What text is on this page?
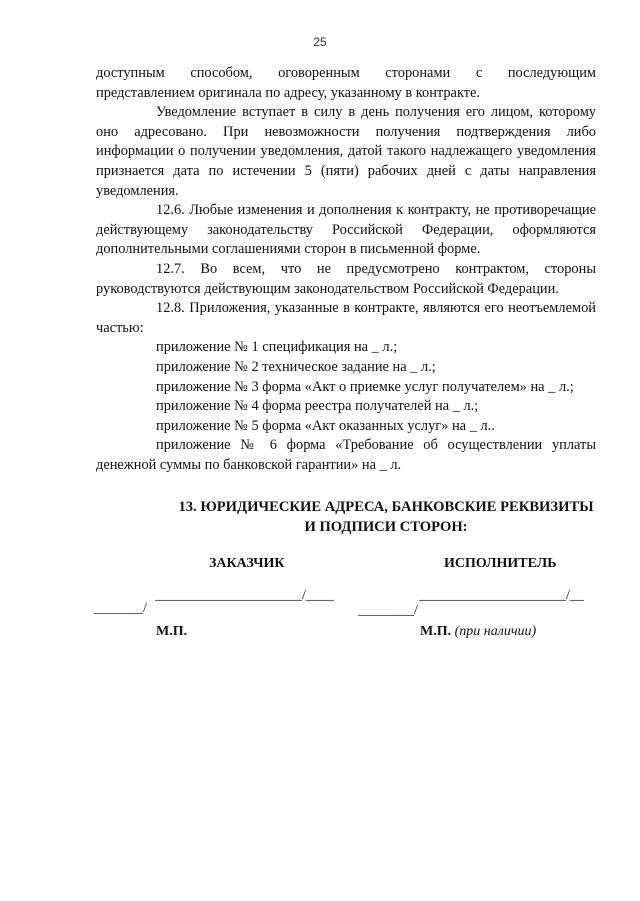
25

доступным способом, оговоренным сторонами с последующим

представлением оригинала по адресу, указанному в контракте.

Уведомление вступает в силу в день получения его лицом, которому оно адресовано. При невозможности получения подтверждения либо информации о получении уведомления, датой такого надлежащего уведомления признается дата по истечении 5 (пяти) рабочих дней с даты направления уведомления.

12.6. Любые изменения и дополнения к контракту, не противоречащие действующему законодательству Российской Федерации, оформляются дополнительными соглашениями сторон в письменной форме.

12.7. Во всем, что не предусмотрено контрактом, стороны руководствуются действующим законодательством Российской Федерации.

12.8. Приложения, указанные в контракте, являются его неотъемлемой частью:

приложение № 1 спецификация на _ л.;

приложение № 2 техническое задание на _ л.;

приложение № 3 форма «Акт о приемке услуг получателем» на _ л.;

приложение № 4 форма реестра получателей на _ л.;

приложение № 5 форма «Акт оказанных услуг» на _ л..

приложение № 6 форма «Требование об осуществлении уплаты денежной суммы по банковской гарантии» на _ л.

13. ЮРИДИЧЕСКИЕ АДРЕСА, БАНКОВСКИЕ РЕКВИЗИТЫ
И ПОДПИСИ СТОРОН:
ЗАКАЗЧИК	ИСПОЛНИТЕЛЬ
_____________________/____
_______/
_____________________/__
________/
М.П.	М.П. (при наличии)
